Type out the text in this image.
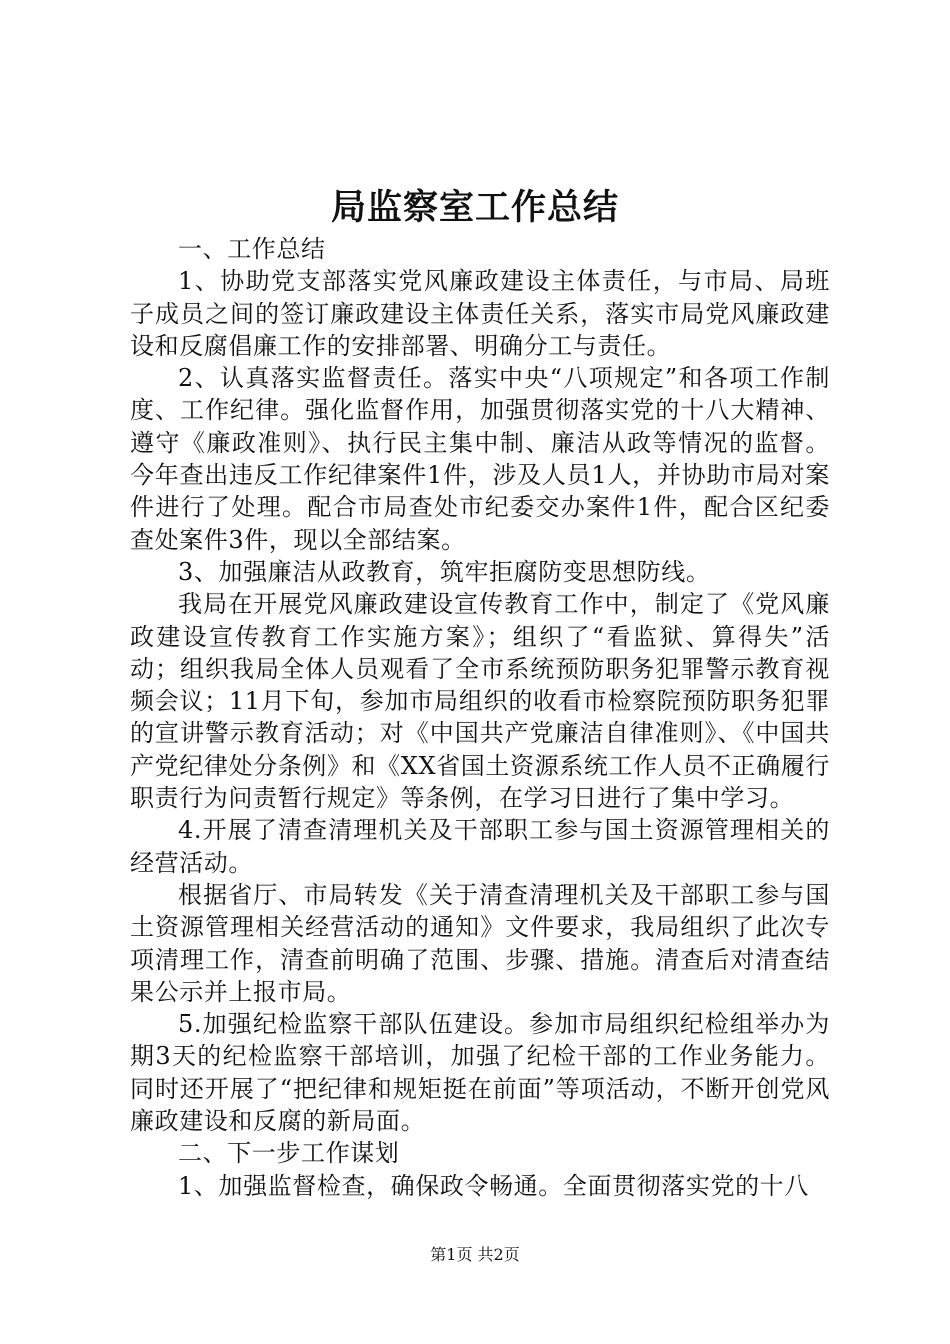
局监察室工作总结

一、工作总结

1、协助党支部落实党风廉政建设主体责任，与市局、局班子成员之间的签订廉政建设主体责任关系，落实市局党风廉政建设和反腐倡廉工作的安排部署、明确分工与责任。

2、认真落实监督责任。落实中央“八项规定”和各项工作制度、工作纪律。强化监督作用，加强贯彻落实党的十八大精神、遵守《廉政准则》、执行民主集中制、廉洁从政等情况的监督。今年查出违反工作纪律案件1件，涉及人员1人，并协助市局对案件进行了处理。配合市局查处市纪委交办案件1件，配合区纪委查处案件3件，现以全部结案。

3、加强廉洁从政教育，筑牢拒腐防变思想防线。

我局在开展党风廉政建设宣传教育工作中，制定了《党风廉政建设宣传教育工作实施方案》；组织了“看监狱、算得失”活动；组织我局全体人员观看了全市系统预防职务犯罪警示教育视频会议；11月下旬，参加市局组织的收看市检察院预防职务犯罪的宣讲警示教育活动；对《中国共产党廉洁自律准则》、《中国共产党纪律处分条例》和《XX省国土资源系统工作人员不正确履行职责行为问责暂行规定》等条例，在学习日进行了集中学习。

4.开展了清查清理机关及干部职工参与国土资源管理相关的经营活动。

根据省厅、市局转发《关于清查清理机关及干部职工参与国土资源管理相关经营活动的通知》文件要求，我局组织了此次专项清理工作，清查前明确了范围、步骤、措施。清查后对清查结果公示并上报市局。

5.加强纪检监察干部队伍建设。参加市局组织纪检组举办为期3天的纪检监察干部培训，加强了纪检干部的工作业务能力。同时还开展了“把纪律和规矩挺在前面”等项活动，不断开创党风廉政建设和反腐的新局面。

二、下一步工作谋划

1、加强监督检查，确保政令畅通。全面贯彻落实党的十八

第1页 共2页
